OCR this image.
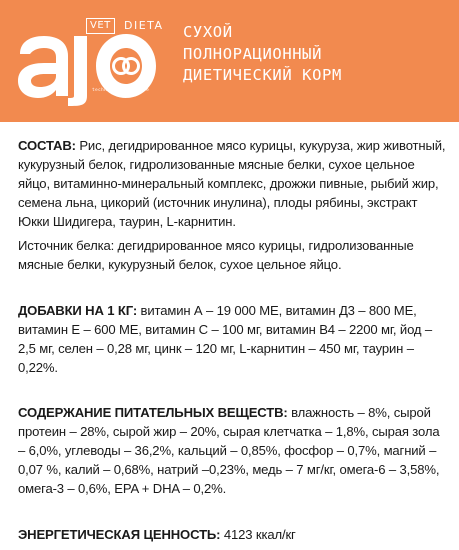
VET	DIETA
technology and care
СУХОЙ
ПОЛНОРАЦИОННЫЙ
ДИЕТИЧЕСКИЙ КОРМ

СОСТАВ: Рис, дегидрированное мясо курицы, кукуруза, жир животный, кукурузный белок, гидролизованные мясные белки, сухое цельное яйцо, витаминно-минеральный комплекс, дрожжи пивные, рыбий жир, семена льна, цикорий (источник инулина), плоды рябины, экстракт Юкки Шидигера, таурин, L-карнитин.

Источник белка: дегидрированное мясо курицы, гидролизованные мясные белки, кукурузный белок, сухое цельное яйцо.

ДОБАВКИ НА 1 КГ: витамин А – 19 000 МЕ, витамин Д3 – 800 МЕ, витамин Е – 600 МЕ, витамин С – 100 мг, витамин В4 – 2200 мг, йод – 2,5 мг, селен – 0,28 мг, цинк – 120 мг, L-карнитин – 450 мг, таурин –0,22%.

СОДЕРЖАНИЕ ПИТАТЕЛЬНЫХ ВЕЩЕСТВ: влажность – 8%, сырой протеин – 28%, сырой жир – 20%, сырая клетчатка – 1,8%, сырая зола – 6,0%, углеводы – 36,2%, кальций – 0,85%, фосфор – 0,7%, магний – 0,07 %, калий – 0,68%, натрий –0,23%, медь – 7 мг/кг, омега-6 – 3,58%, омега-3 – 0,6%, EPA + DHA – 0,2%.

ЭНЕРГЕТИЧЕСКАЯ ЦЕННОСТЬ: 4123 ккал/кг
